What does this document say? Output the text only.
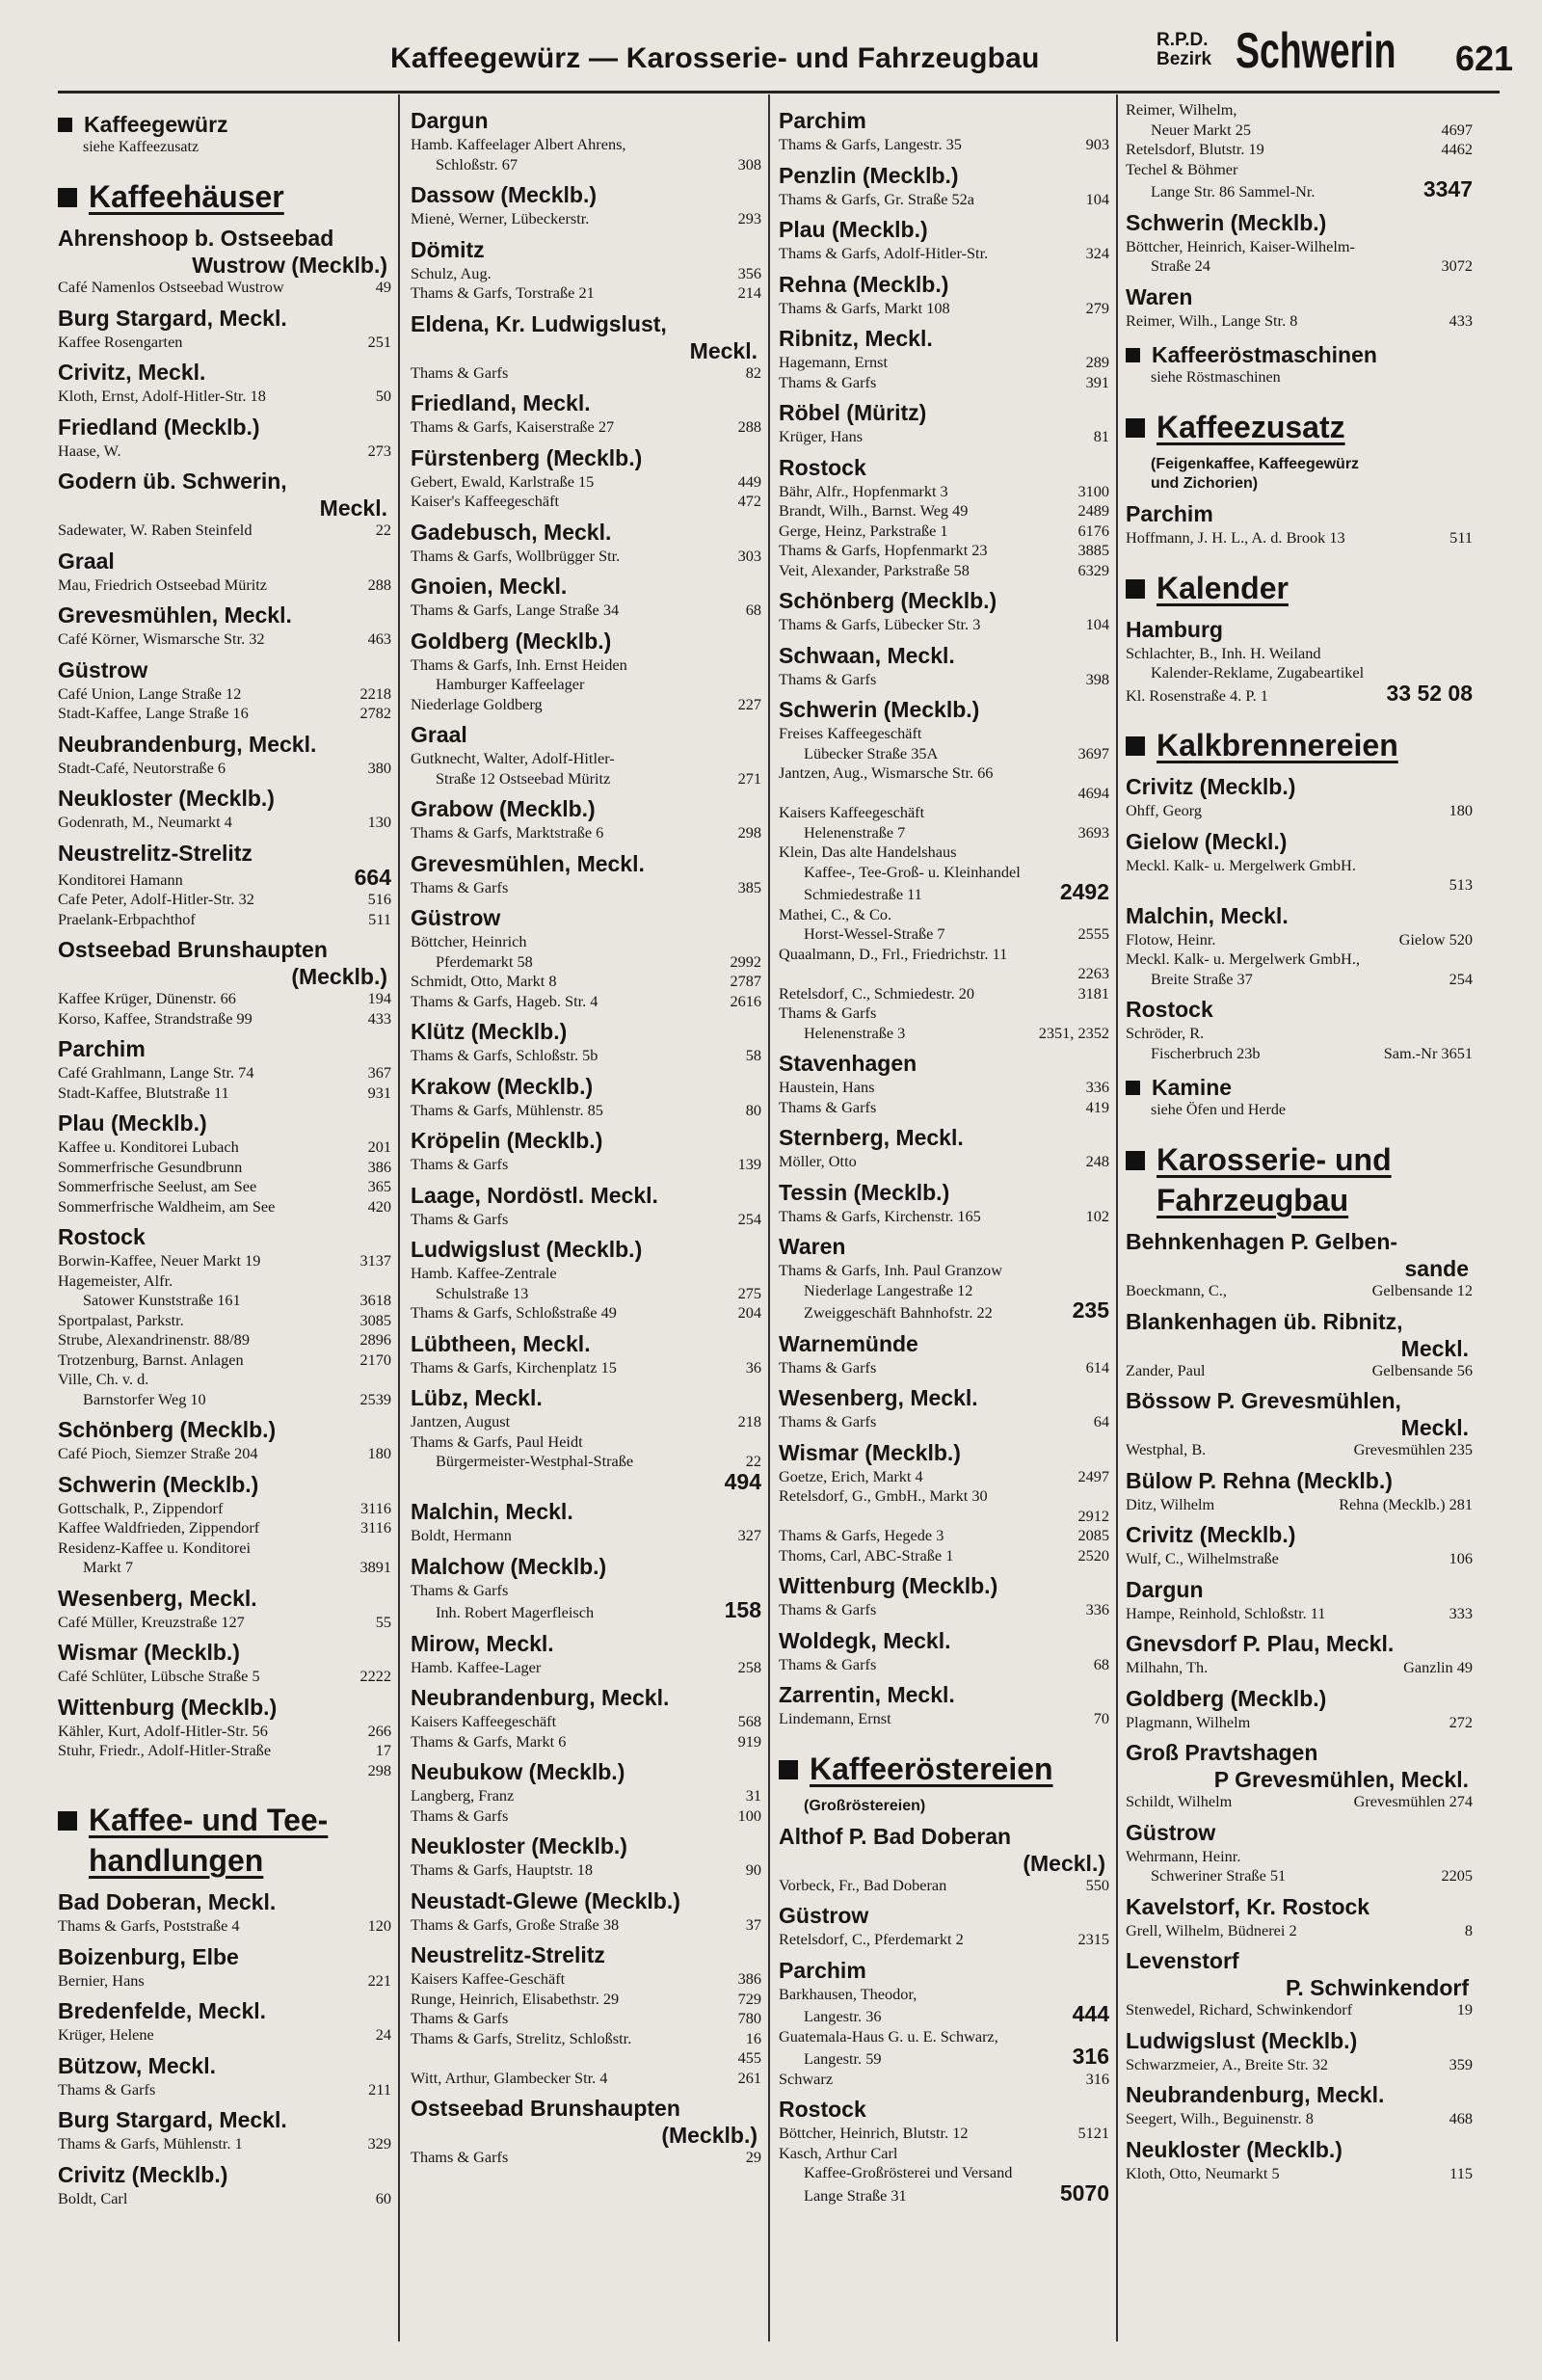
Kaffeegewürz — Karosserie- und Fahrzeugbau
R.P.D.
Bezirk Schwerin 621
Kaffeegewürz
siehe Kaffeezusatz
Kaffeehäuser
Ahrenshoop b. Ostseebad
Wustrow (Mecklb.)
Café Namenlos Ostseebad Wustrow	49
Burg Stargard, Meckl.
Kaffee Rosengarten	251
Crivitz, Meckl.
Kloth, Ernst, Adolf-Hitler-Str. 18	50
Friedland (Mecklb.)
Haase, W.	273
Godern üb. Schwerin,
Meckl.
Sadewater, W. Raben Steinfeld	22
Graal
Mau, Friedrich Ostseebad Müritz	288
Grevesmühlen, Meckl.
Café Körner, Wismarsche Str. 32	463
Güstrow
Café Union, Lange Straße 12	2218
Stadt-Kaffee, Lange Straße 16	2782
Neubrandenburg, Meckl.
Stadt-Café, Neutorstraße 6	380
Neukloster (Mecklb.)
Godenrath, M., Neumarkt 4	130
Neustrelitz-Strelitz
Konditorei Hamann	664
Cafe Peter, Adolf-Hitler-Str. 32	516
Praelank-Erbpachthof	511
Ostseebad Brunshaupten
(Mecklb.)
Kaffee Krüger, Dünenstr. 66	194
Korso, Kaffee, Strandstraße 99	433
Parchim
Café Grahlmann, Lange Str. 74	367
Stadt-Kaffee, Blutstraße 11	931
Plau (Mecklb.)
Kaffee u. Konditorei Lubach	201
Sommerfrische Gesundbrunn	386
Sommerfrische Seelust, am See	365
Sommerfrische Waldheim, am See	420
Rostock
Borwin-Kaffee, Neuer Markt 19	3137
Hagemeister, Alfr.
Satower Kunststraße 161	3618
Sportpalast, Parkstr.	3085
Strube, Alexandrinenstr. 88/89	2896
Trotzenburg, Barnst. Anlagen	2170
Ville, Ch. v. d.
Barnstorfer Weg 10	2539
Schönberg (Mecklb.)
Café Pioch, Siemzer Straße 204	180
Schwerin (Mecklb.)
Gottschalk, P., Zippendorf	3116
Kaffee Waldfrieden, Zippendorf	3116
Residenz-Kaffee u. Konditorei
Markt 7	3891
Wesenberg, Meckl.
Café Müller, Kreuzstraße 127	55
Wismar (Mecklb.)
Café Schlüter, Lübsche Straße 5	2222
Wittenburg (Mecklb.)
Kähler, Kurt, Adolf-Hitler-Str. 56	266
Stuhr, Friedr., Adolf-Hitler-Straße	17
298
Kaffee- und Tee-
handlungen
Bad Doberan, Meckl.
Thams & Garfs, Poststraße 4	120
Boizenburg, Elbe
Bernier, Hans	221
Bredenfelde, Meckl.
Krüger, Helene	24
Bützow, Meckl.
Thams & Garfs	211
Burg Stargard, Meckl.
Thams & Garfs, Mühlenstr. 1	329
Crivitz (Mecklb.)
Boldt, Carl	60
Dargun
Hamb. Kaffeelager Albert Ahrens,
Schloßstr. 67	308
Dassow (Mecklb.)
Mienė, Werner, Lübeckerstr.	293
Dömitz
Schulz, Aug.	356
Thams & Garfs, Torstraße 21	214
Eldena, Kr. Ludwigslust,
Meckl.
Thams & Garfs	82
Friedland, Meckl.
Thams & Garfs, Kaiserstraße 27	288
Fürstenberg (Mecklb.)
Gebert, Ewald, Karlstraße 15	449
Kaiser's Kaffeegeschäft	472
Gadebusch, Meckl.
Thams & Garfs, Wollbrügger Str.	303
Gnoien, Meckl.
Thams & Garfs, Lange Straße 34	68
Goldberg (Mecklb.)
Thams & Garfs, Inh. Ernst Heiden
Hamburger Kaffeelager
Niederlage Goldberg	227
Graal
Gutknecht, Walter, Adolf-Hitler-
Straße 12 Ostseebad Müritz	271
Grabow (Mecklb.)
Thams & Garfs, Marktstraße 6	298
Grevesmühlen, Meckl.
Thams & Garfs	385
Güstrow
Böttcher, Heinrich
Pferdemarkt 58	2992
Schmidt, Otto, Markt 8	2787
Thams & Garfs, Hageb. Str. 4	2616
Klütz (Mecklb.)
Thams & Garfs, Schloßstr. 5b	58
Krakow (Mecklb.)
Thams & Garfs, Mühlenstr. 85	80
Kröpelin (Mecklb.)
Thams & Garfs	139
Laage, Nordöstl. Meckl.
Thams & Garfs	254
Ludwigslust (Mecklb.)
Hamb. Kaffee-Zentrale
Schulstraße 13	275
Thams & Garfs, Schloßstraße 49	204
Lübtheen, Meckl.
Thams & Garfs, Kirchenplatz 15	36
Lübz, Meckl.
Jantzen, August	218
Thams & Garfs, Paul Heidt
Bürgermeister-Westphal-Straße	22
494
Malchin, Meckl.
Boldt, Hermann	327
Malchow (Mecklb.)
Thams & Garfs
Inh. Robert Magerfleisch	158
Mirow, Meckl.
Hamb. Kaffee-Lager	258
Neubrandenburg, Meckl.
Kaisers Kaffeegeschäft	568
Thams & Garfs, Markt 6	919
Neubukow (Mecklb.)
Langberg, Franz	31
Thams & Garfs	100
Neukloster (Mecklb.)
Thams & Garfs, Hauptstr. 18	90
Neustadt-Glewe (Mecklb.)
Thams & Garfs, Große Straße 38	37
Neustrelitz-Strelitz
Kaisers Kaffee-Geschäft	386
Runge, Heinrich, Elisabethstr. 29	729
Thams & Garfs	780
Thams & Garfs, Strelitz, Schloßstr.	16
455
Witt, Arthur, Glambecker Str. 4	261
Ostseebad Brunshaupten
(Mecklb.)
Thams & Garfs	29
Parchim
Thams & Garfs, Langestr. 35	903
Penzlin (Mecklb.)
Thams & Garfs, Gr. Straße 52a	104
Plau (Mecklb.)
Thams & Garfs, Adolf-Hitler-Str.	324
Rehna (Mecklb.)
Thams & Garfs, Markt 108	279
Ribnitz, Meckl.
Hagemann, Ernst	289
Thams & Garfs	391
Röbel (Müritz)
Krüger, Hans	81
Rostock
Bähr, Alfr., Hopfenmarkt 3	3100
Brandt, Wilh., Barnst. Weg 49	2489
Gerge, Heinz, Parkstraße 1	6176
Thams & Garfs, Hopfenmarkt 23	3885
Veit, Alexander, Parkstraße 58	6329
Schönberg (Mecklb.)
Thams & Garfs, Lübecker Str. 3	104
Schwaan, Meckl.
Thams & Garfs	398
Schwerin (Mecklb.)
Freises Kaffeegeschäft
Lübecker Straße 35A	3697
Jantzen, Aug., Wismarsche Str. 66
4694
Kaisers Kaffeegeschäft
Helenenstraße 7	3693
Klein, Das alte Handelshaus
Kaffee-, Tee-Groß- u. Kleinhandel
Schmiedestraße 11	2492
Mathei, C., & Co.
Horst-Wessel-Straße 7	2555
Quaalmann, D., Frl., Friedrichstr. 11
2263
Retelsdorf, C., Schmiedestr. 20	3181
Thams & Garfs
Helenenstraße 3	2351, 2352
Stavenhagen
Haustein, Hans	336
Thams & Garfs	419
Sternberg, Meckl.
Möller, Otto	248
Tessin (Mecklb.)
Thams & Garfs, Kirchenstr. 165	102
Waren
Thams & Garfs, Inh. Paul Granzow
Niederlage Langestraße 12
Zweiggeschäft Bahnhofstr. 22	235
Warnemünde
Thams & Garfs	614
Wesenberg, Meckl.
Thams & Garfs	64
Wismar (Mecklb.)
Goetze, Erich, Markt 4	2497
Retelsdorf, G., GmbH., Markt 30
2912
Thams & Garfs, Hegede 3	2085
Thoms, Carl, ABC-Straße 1	2520
Wittenburg (Mecklb.)
Thams & Garfs	336
Woldegk, Meckl.
Thams & Garfs	68
Zarrentin, Meckl.
Lindemann, Ernst	70
Kaffeeröstereien
(Großröstereien)
Althof P. Bad Doberan
(Meckl.)
Vorbeck, Fr., Bad Doberan	550
Güstrow
Retelsdorf, C., Pferdemarkt 2	2315
Parchim
Barkhausen, Theodor,
Langestr. 36	444
Guatemala-Haus G. u. E. Schwarz,
Langestr. 59	316
Schwarz	316
Rostock
Böttcher, Heinrich, Blutstr. 12	5121
Kasch, Arthur Carl
Kaffee-Großrösterei und Versand
Lange Straße 31	5070
Reimer, Wilhelm,
Neuer Markt 25	4697
Retelsdorf, Blutstr. 19	4462
Techel & Böhmer
Lange Str. 86 Sammel-Nr.	3347
Schwerin (Mecklb.)
Böttcher, Heinrich, Kaiser-Wilhelm-
Straße 24	3072
Waren
Reimer, Wilh., Lange Str. 8	433
Kaffeeröstmaschinen
siehe Röstmaschinen
Kaffeezusatz
(Feigenkaffee, Kaffeegewürz
und Zichorien)
Parchim
Hoffmann, J. H. L., A. d. Brook 13	511
Kalender
Hamburg
Schlachter, B., Inh. H. Weiland
Kalender-Reklame, Zugabeartikel
Kl. Rosenstraße 4. P. 1	33 52 08
Kalkbrennereien
Crivitz (Mecklb.)
Ohff, Georg	180
Gielow (Meckl.)
Meckl. Kalk- u. Mergelwerk GmbH.
513
Malchin, Meckl.
Flotow, Heinr.	Gielow 520
Meckl. Kalk- u. Mergelwerk GmbH.,
Breite Straße 37	254
Rostock
Schröder, R.
Fischerbruch 23b	Sam.-Nr 3651
Kamine
siehe Öfen und Herde
Karosserie- und
Fahrzeugbau
Behnkenhagen P. Gelben-
sande
Boeckmann, C.,	Gelbensande 12
Blankenhagen üb. Ribnitz,
Meckl.
Zander, Paul	Gelbensande 56
Bössow P. Grevesmühlen,
Meckl.
Westphal, B.	Grevesmühlen 235
Bülow P. Rehna (Mecklb.)
Ditz, Wilhelm	Rehna (Mecklb.) 281
Crivitz (Mecklb.)
Wulf, C., Wilhelmstraße	106
Dargun
Hampe, Reinhold, Schloßstr. 11	333
Gnevsdorf P. Plau, Meckl.
Milhahn, Th.	Ganzlin 49
Goldberg (Mecklb.)
Plagmann, Wilhelm	272
Groß Pravtshagen
P Grevesmühlen, Meckl.
Schildt, Wilhelm	Grevesmühlen 274
Güstrow
Wehrmann, Heinr.
Schweriner Straße 51	2205
Kavelstorf, Kr. Rostock
Grell, Wilhelm, Büdnerei 2	8
Levenstorf
P. Schwinkendorf
Stenwedel, Richard, Schwinkendorf	19
Ludwigslust (Mecklb.)
Schwarzmeier, A., Breite Str. 32	359
Neubrandenburg, Meckl.
Seegert, Wilh., Beguinenstr. 8	468
Neukloster (Mecklb.)
Kloth, Otto, Neumarkt 5	115
